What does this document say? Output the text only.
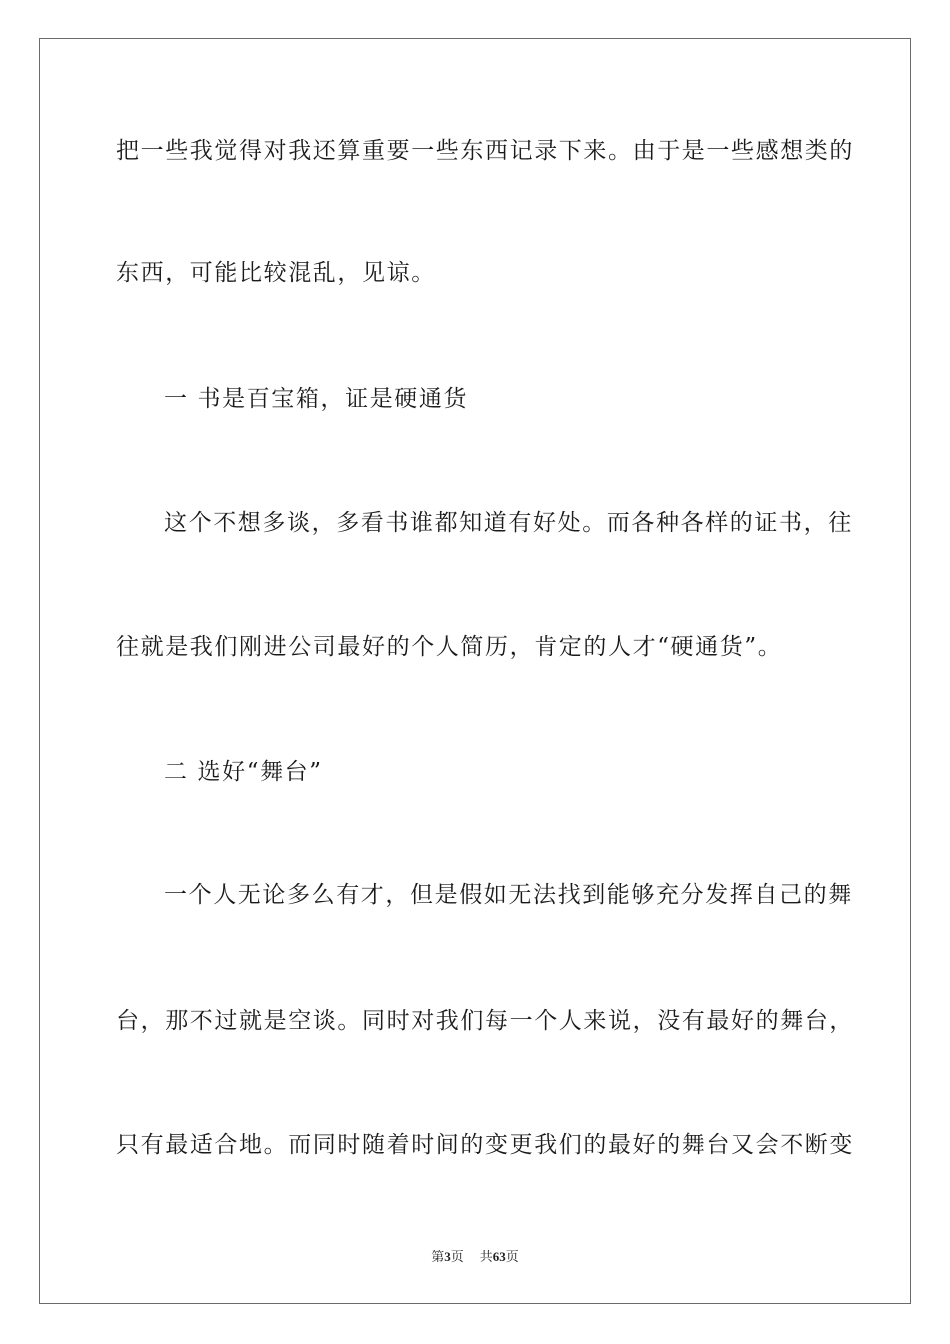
把一些我觉得对我还算重要一些东西记录下来。由于是一些感想类的
东西，可能比较混乱，见谅。
一 书是百宝箱，证是硬通货
这个不想多谈，多看书谁都知道有好处。而各种各样的证书，往
往就是我们刚进公司最好的个人简历，肯定的人才“硬通货”。
二 选好“舞台”
一个人无论多么有才，但是假如无法找到能够充分发挥自己的舞
台，那不过就是空谈。同时对我们每一个人来说，没有最好的舞台，
只有最适合地。而同时随着时间的变更我们的最好的舞台又会不断变
第3页 共63页
